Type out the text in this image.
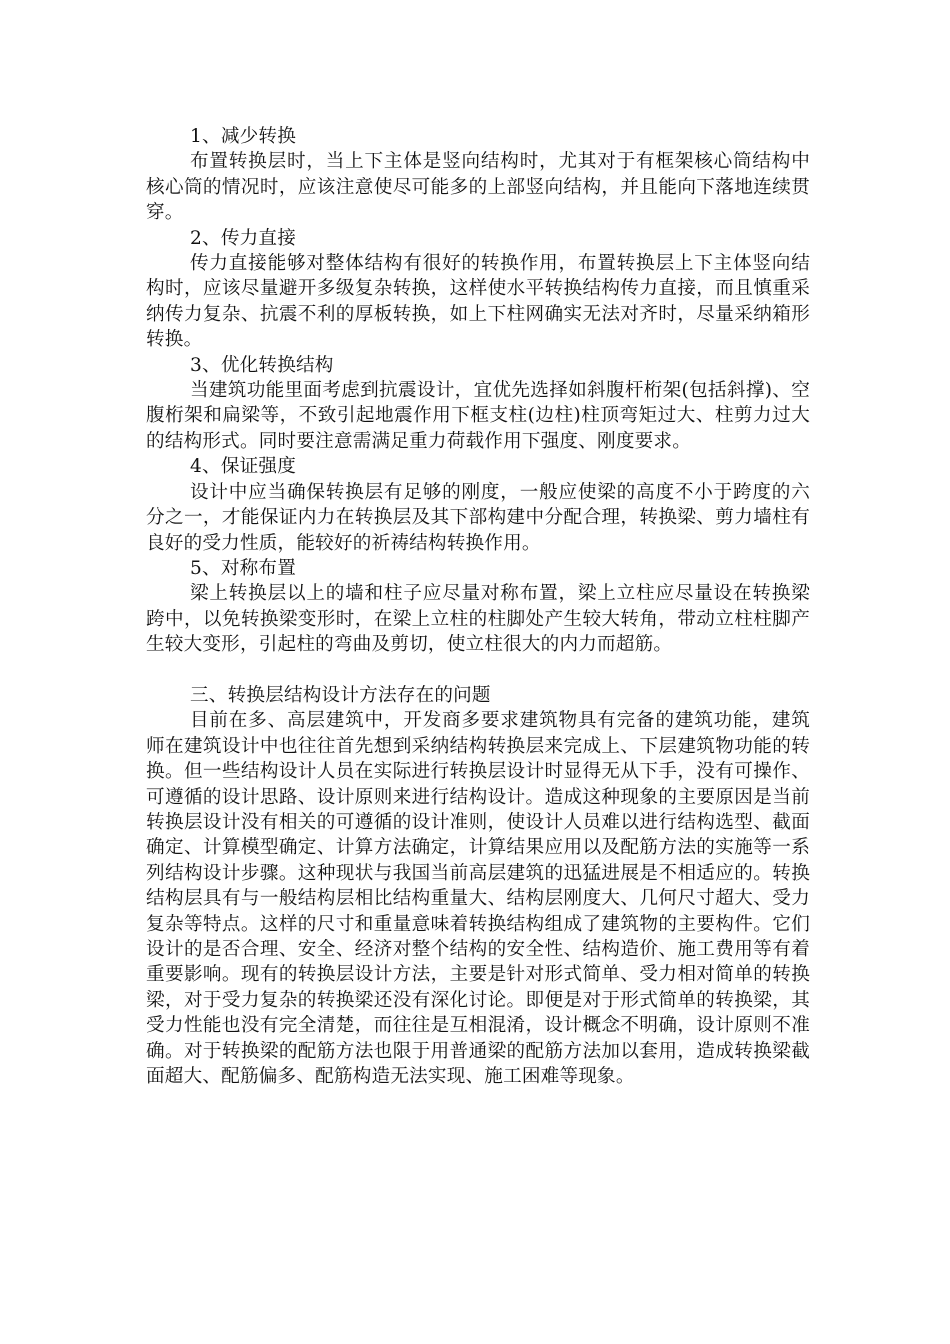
1、减少转换
布置转换层时，当上下主体是竖向结构时，尤其对于有框架核心筒结构中核心筒的情况时，应该注意使尽可能多的上部竖向结构，并且能向下落地连续贯穿。
2、传力直接
传力直接能够对整体结构有很好的转换作用，布置转换层上下主体竖向结构时，应该尽量避开多级复杂转换，这样使水平转换结构传力直接，而且慎重采纳传力复杂、抗震不利的厚板转换，如上下柱网确实无法对齐时，尽量采纳箱形转换。
3、优化转换结构
当建筑功能里面考虑到抗震设计，宜优先选择如斜腹杆桁架(包括斜撑)、空腹桁架和扁梁等，不致引起地震作用下框支柱(边柱)柱顶弯矩过大、柱剪力过大的结构形式。同时要注意需满足重力荷载作用下强度、刚度要求。
4、保证强度
设计中应当确保转换层有足够的刚度，一般应使梁的高度不小于跨度的六分之一，才能保证内力在转换层及其下部构建中分配合理，转换梁、剪力墙柱有良好的受力性质，能较好的祈祷结构转换作用。
5、对称布置
梁上转换层以上的墙和柱子应尽量对称布置，梁上立柱应尽量设在转换梁跨中，以免转换梁变形时，在梁上立柱的柱脚处产生较大转角，带动立柱柱脚产生较大变形，引起柱的弯曲及剪切，使立柱很大的内力而超筋。
三、转换层结构设计方法存在的问题
目前在多、高层建筑中，开发商多要求建筑物具有完备的建筑功能，建筑师在建筑设计中也往往首先想到采纳结构转换层来完成上、下层建筑物功能的转换。但一些结构设计人员在实际进行转换层设计时显得无从下手，没有可操作、可遵循的设计思路、设计原则来进行结构设计。造成这种现象的主要原因是当前转换层设计没有相关的可遵循的设计准则，使设计人员难以进行结构选型、截面确定、计算模型确定、计算方法确定，计算结果应用以及配筋方法的实施等一系列结构设计步骤。这种现状与我国当前高层建筑的迅猛进展是不相适应的。转换结构层具有与一般结构层相比结构重量大、结构层刚度大、几何尺寸超大、受力复杂等特点。这样的尺寸和重量意味着转换结构组成了建筑物的主要构件。它们设计的是否合理、安全、经济对整个结构的安全性、结构造价、施工费用等有着重要影响。现有的转换层设计方法，主要是针对形式简单、受力相对简单的转换梁，对于受力复杂的转换梁还没有深化讨论。即便是对于形式简单的转换梁，其受力性能也没有完全清楚，而往往是互相混淆，设计概念不明确，设计原则不准确。对于转换梁的配筋方法也限于用普通梁的配筋方法加以套用，造成转换梁截面超大、配筋偏多、配筋构造无法实现、施工困难等现象。
